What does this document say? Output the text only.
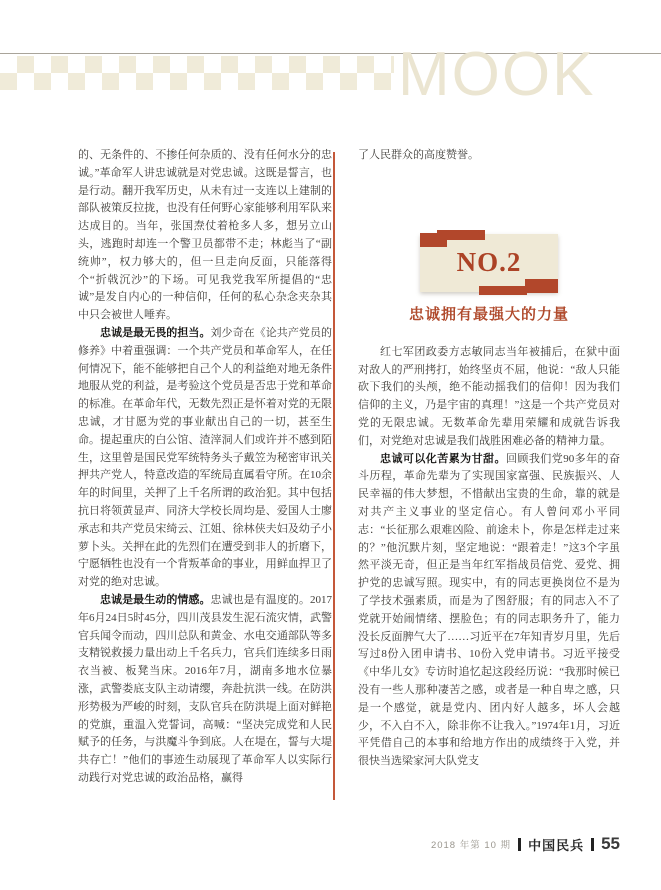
MOOK

的、无条件的、不掺任何杂质的、没有任何水分的忠诚。”革命军人讲忠诚就是对党忠诚。这既是誓言，也是行动。翻开我军历史，从未有过一支连以上建制的部队被策反拉拢，也没有任何野心家能够利用军队来达成目的。当年，张国焘仗着枪多人多，想另立山头，逃跑时却连一个警卫员都带不走；林彪当了“副统帅”，权力够大的，但一旦走向反面，只能落得个“折戟沉沙”的下场。可见我党我军所提倡的“忠诚”是发自内心的一种信仰，任何的私心杂念夹杂其中只会被世人唾弃。

忠诚是最无畏的担当。刘少奇在《论共产党员的修养》中着重强调：一个共产党员和革命军人，在任何情况下，能不能够把自己个人的利益绝对地无条件地服从党的利益，是考验这个党员是否忠于党和革命的标准。在革命年代，无数先烈正是怀着对党的无限忠诚，才甘愿为党的事业献出自己的一切，甚至生命。提起重庆的白公馆、渣滓洞人们或许并不感到陌生，这里曾是国民党军统特务头子戴笠为秘密审讯关押共产党人，特意改造的军统局直属看守所。在10余年的时间里，关押了上千名所谓的政治犯。其中包括抗日将领黄显声、同济大学校长周均是、爱国人士廖承志和共产党员宋绮云、江姐、徐林侠夫妇及幼子小萝卜头。关押在此的先烈们在遭受到非人的折磨下，宁愿牺牲也没有一个背叛革命的事业，用鲜血捍卫了对党的绝对忠诚。

忠诚是最生动的情感。忠诚也是有温度的。2017年6月24日5时45分，四川茂县发生泥石流灾情，武警官兵闻令而动，四川总队和黄金、水电交通部队等多支精锐救援力量出动上千名兵力，官兵们连续多日雨衣当被、板凳当床。2016年7月，湖南多地水位暴涨，武警娄底支队主动请缨，奔赴抗洪一线。在防洪形势极为严峻的时刻，支队官兵在防洪堤上面对鲜艳的党旗，重温入党誓词，高喊：“坚决完成党和人民赋予的任务，与洪魔斗争到底。人在堤在，誓与大堤共存亡！”他们的事迹生动展现了革命军人以实际行动践行对党忠诚的政治品格，赢得

了人民群众的高度赞誉。

NO.2
忠诚拥有最强大的力量

红七军团政委方志敏同志当年被捕后，在狱中面对敌人的严刑拷打，始终坚贞不屈，他说：“敌人只能砍下我们的头颅，绝不能动摇我们的信仰！因为我们信仰的主义，乃是宇宙的真理！”这是一个共产党员对党的无限忠诚。无数革命先辈用荣耀和成就告诉我们，对党绝对忠诚是我们战胜困难必备的精神力量。

忠诚可以化苦累为甘甜。回顾我们党90多年的奋斗历程，革命先辈为了实现国家富强、民族振兴、人民幸福的伟大梦想，不惜献出宝贵的生命，靠的就是对共产主义事业的坚定信心。有人曾问邓小平同志：“长征那么艰难凶险、前途未卜，你是怎样走过来的？”他沉默片刻，坚定地说：“跟着走！”这3个字虽然平淡无奇，但正是当年红军指战员信党、爱党、拥护党的忠诚写照。现实中，有的同志更换岗位不是为了学技术强素质，而是为了图舒服；有的同志入不了党就开始闹情绪、摆脸色；有的同志职务升了，能力没长反面脾气大了……习近平在7年知青岁月里，先后写过8份入团申请书、10份入党申请书。习近平接受《中华儿女》专访时追忆起这段经历说：“我那时候已没有一些人那种凄苦之感，或者是一种自卑之感，只是一个感觉，就是党内、团内好人越多，坏人会越少，不入白不入，除非你不让我入。”1974年1月，习近平凭借自己的本事和给地方作出的成绩终于入党，并很快当选梁家河大队党支

2018 年第 10 期 中国民兵 55
